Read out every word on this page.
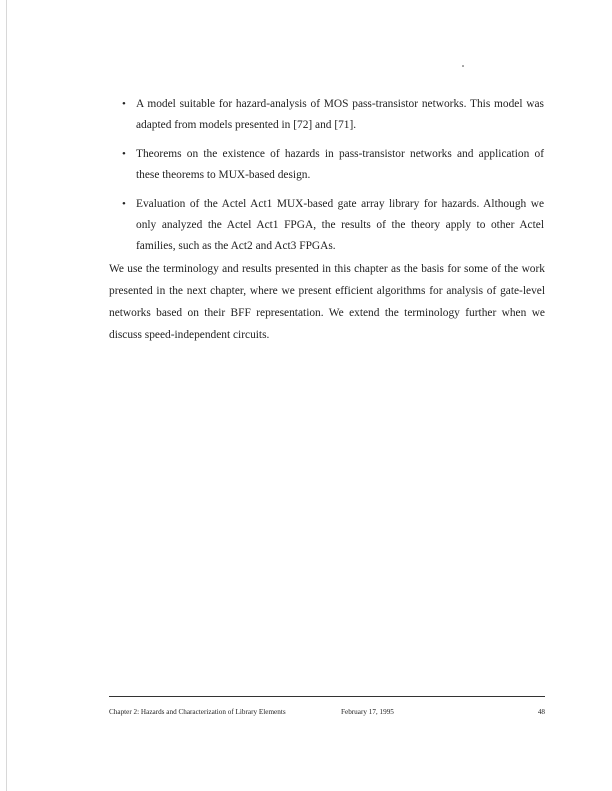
• A model suitable for hazard-analysis of MOS pass-transistor networks. This model was adapted from models presented in [72] and [71].
• Theorems on the existence of hazards in pass-transistor networks and application of these theorems to MUX-based design.
• Evaluation of the Actel Act1 MUX-based gate array library for hazards. Although we only analyzed the Actel Act1 FPGA, the results of the theory apply to other Actel families, such as the Act2 and Act3 FPGAs.

We use the terminology and results presented in this chapter as the basis for some of the work presented in the next chapter, where we present efficient algorithms for analysis of gate-level networks based on their BFF representation. We extend the terminology further when we discuss speed-independent circuits.

Chapter 2: Hazards and Characterization of Library Elements	February 17, 1995	48
